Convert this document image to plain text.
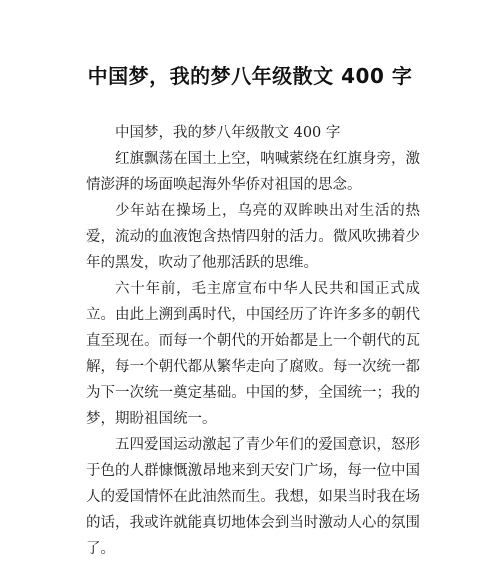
中国梦，我的梦八年级散文 400 字

中国梦，我的梦八年级散文 400 字

红旗飘荡在国土上空，呐喊萦绕在红旗身旁，激情澎湃的场面唤起海外华侨对祖国的思念。

少年站在操场上，乌亮的双眸映出对生活的热爱，流动的血液饱含热情四射的活力。微风吹拂着少年的黑发，吹动了他那活跃的思维。

六十年前，毛主席宣布中华人民共和国正式成立。由此上溯到禹时代，中国经历了许许多多的朝代直至现在。而每一个朝代的开始都是上一个朝代的瓦解，每一个朝代都从繁华走向了腐败。每一次统一都为下一次统一奠定基础。中国的梦，全国统一；我的梦，期盼祖国统一。

五四爱国运动激起了青少年们的爱国意识，怒形于色的人群慷慨激昂地来到天安门广场，每一位中国人的爱国情怀在此油然而生。我想，如果当时我在场的话，我或许就能真切地体会到当时激动人心的氛围了。
